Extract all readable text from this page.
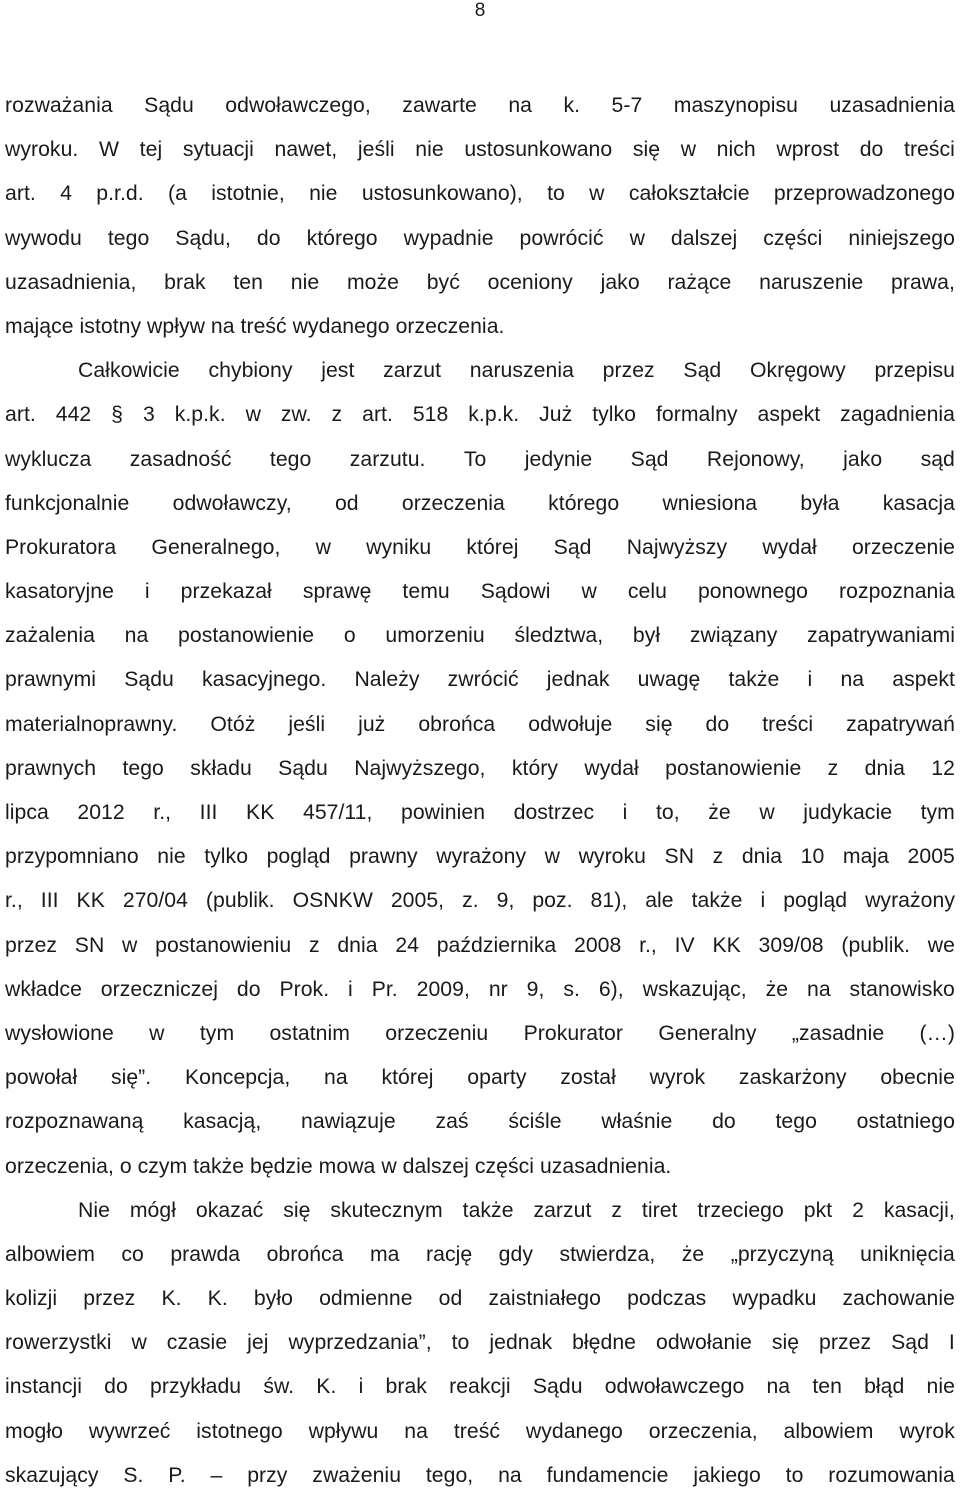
8
rozważania Sądu odwoławczego, zawarte na k. 5-7 maszynopisu uzasadnienia
wyroku. W tej sytuacji nawet, jeśli nie ustosunkowano się w nich wprost do treści
art. 4 p.r.d. (a istotnie, nie ustosunkowano), to w całokształcie przeprowadzonego
wywodu tego Sądu, do którego wypadnie powrócić w dalszej części niniejszego
uzasadnienia, brak ten nie może być oceniony jako rażące naruszenie prawa,
mające istotny wpływ na treść wydanego orzeczenia.
Całkowicie chybiony jest zarzut naruszenia przez Sąd Okręgowy przepisu
art. 442 § 3 k.p.k. w zw. z art. 518 k.p.k. Już tylko formalny aspekt zagadnienia
wyklucza zasadność tego zarzutu. To jedynie Sąd Rejonowy, jako sąd
funkcjonalnie odwoławczy, od orzeczenia którego wniesiona była kasacja
Prokuratora Generalnego, w wyniku której Sąd Najwyższy wydał orzeczenie
kasatoryjne i przekazał sprawę temu Sądowi w celu ponownego rozpoznania
zażalenia na postanowienie o umorzeniu śledztwa, był związany zapatrywaniami
prawnymi Sądu kasacyjnego. Należy zwrócić jednak uwagę także i na aspekt
materialnoprawny. Otóż jeśli już obrońca odwołuje się do treści zapatrywań
prawnych tego składu Sądu Najwyższego, który wydał postanowienie z dnia 12
lipca 2012 r., III KK 457/11, powinien dostrzec i to, że w judykacie tym
przypomniano nie tylko pogląd prawny wyrażony w wyroku SN z dnia 10 maja 2005
r., III KK 270/04 (publik. OSNKW 2005, z. 9, poz. 81), ale także i pogląd wyrażony
przez SN w postanowieniu z dnia 24 października 2008 r., IV KK 309/08 (publik. we
wkładce orzeczniczej do Prok. i Pr. 2009, nr 9, s. 6), wskazując, że na stanowisko
wysłowione w tym ostatnim orzeczeniu Prokurator Generalny „zasadnie (…)
powołał się”. Koncepcja, na której oparty został wyrok zaskarżony obecnie
rozpoznawaną kasacją, nawiązuje zaś ściśle właśnie do tego ostatniego
orzeczenia, o czym także będzie mowa w dalszej części uzasadnienia.
Nie mógł okazać się skutecznym także zarzut z tiret trzeciego pkt 2 kasacji,
albowiem co prawda obrońca ma rację gdy stwierdza, że „przyczyną uniknięcia
kolizji przez K. K. było odmienne od zaistniałego podczas wypadku zachowanie
rowerzystki w czasie jej wyprzedzania”, to jednak błędne odwołanie się przez Sąd I
instancji do przykładu św. K. i brak reakcji Sądu odwoławczego na ten błąd nie
mogło wywrzeć istotnego wpływu na treść wydanego orzeczenia, albowiem wyrok
skazujący S. P. – przy zważeniu tego, na fundamencie jakiego to rozumowania
